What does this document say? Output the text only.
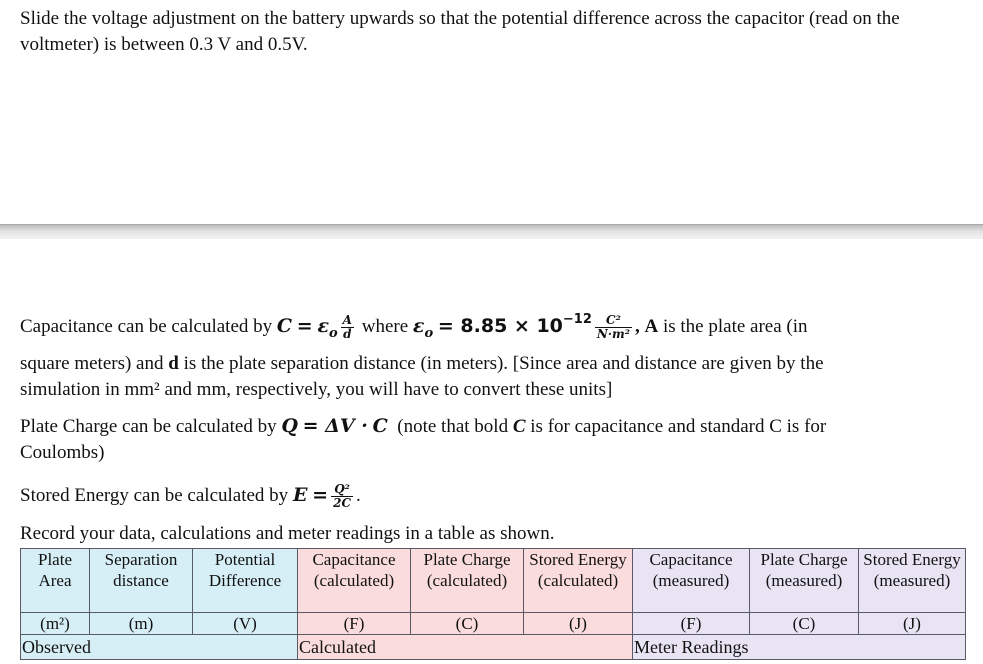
Slide the voltage adjustment on the battery upwards so that the potential difference across the capacitor (read on the voltmeter) is between 0.3 V and 0.5V.

Capacitance can be calculated by $C = \varepsilon_o \frac{A}{d}$ where $\varepsilon_o = 8.85 \times 10^{-12} \frac{\text{C²}}{\text{N·m²}}$ , A is the plate area (in
square meters) and d is the plate separation distance (in meters). [Since area and distance are given by the
simulation in mm² and mm, respectively, you will have to convert these units]

Plate Charge can be calculated by Q = ΔV · C (note that bold C is for capacitance and standard C is for
Coulombs)

Stored Energy can be calculated by $E = \frac{\text{Q²}}{2C}$ .

Record your data, calculations and meter readings in a table as shown.

Plate Area	Separation distance	Potential Difference	Capacitance (calculated)	Plate Charge (calculated)	Stored Energy (calculated)	Capacitance (measured)	Plate Charge (measured)	Stored Energy (measured)
(m²)	(m)	(V)	(F)	(C)	(J)	(F)	(C)	(J)
Observed			Calculated			Meter Readings		
